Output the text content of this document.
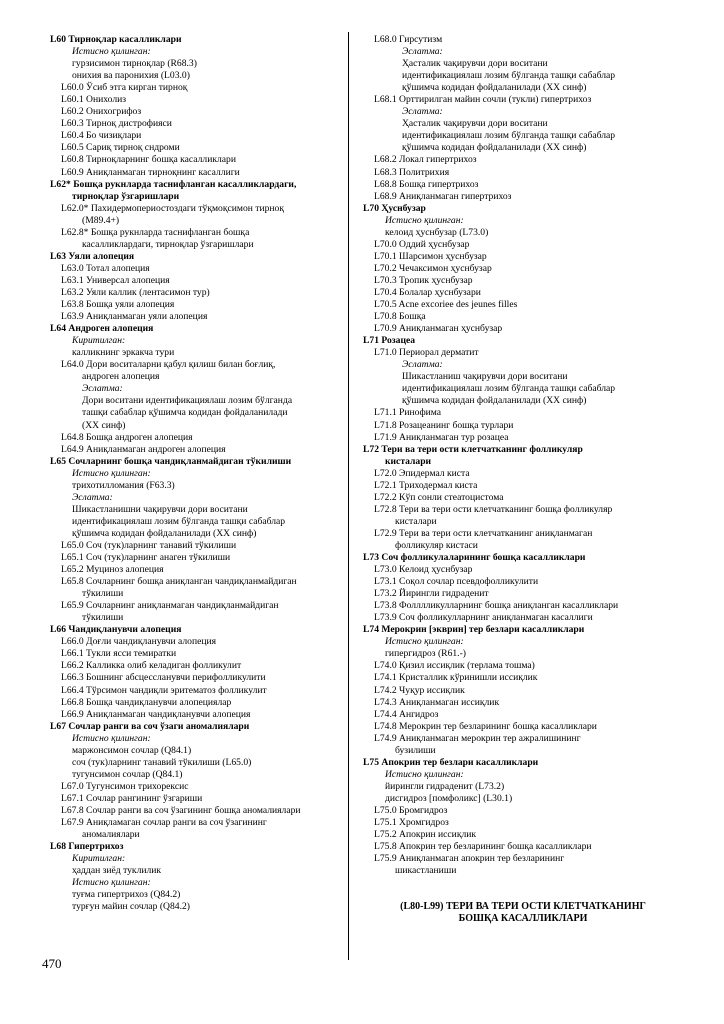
L60 Тирноқлар касалликлари
Истисно қилинган:
гурзисимон тирноқлар (R68.3)
онихия ва паронихия (L03.0)
L60.0 Ўсиб этга кирган тирноқ
L60.1 Онихолиз
L60.2 Онихогрифоз
L60.3 Тирноқ дистрофияси
L60.4 Бо чизиқлари
L60.5 Сариқ тирноқ сндроми
L60.8 Тирноқларнинг бошқа касалликлари
L60.9 Аниқланмаган тирноқнинг касаллиги
L62* Бошқа рукнларда таснифланган касалликлардаги,
тирноқлар ўзгаришлари
L62.0* Пахидермопериостоздаги тўқмоқсимон тирноқ
(M89.4+)
L62.8* Бошқа рукнларда таснифланган бошқа
касалликлардаги, тирноқлар ўзгаришлари
L63 Уяли алопеция
L63.0 Тотал алопеция
L63.1 Универсал алопеция
L63.2 Уяли каллик (лентасимон тур)
L63.8 Бошқа уяли алопеция
L63.9 Аниқланмаган уяли алопеция
L64 Андроген алопеция
Киритилган:
калликнинг эркакча тури
L64.0 Дори воситаларни қабул қилиш билан боғлиқ,
андроген алопеция
Эслатма:
Дори воситани идентификациялаш лозим бўлганда
ташқи сабаблар қўшимча кодидан фойдаланилади
(XX синф)
L64.8 Бошқа андроген алопеция
L64.9 Аниқланмаган андроген алопеция
L65 Сочларнинг бошқа чандиқланмайдиган тўкилиши
Истисно қилинган:
трихотилломания (F63.3)
Эслатма:
Шикастланишни чақирувчи дори воситани
идентификациялаш лозим бўлганда ташқи сабаблар
қўшимча кодидан фойдаланилади (XX синф)
L65.0 Соч (тук)ларнинг танавий тўкилиши
L65.1 Соч (тук)ларнинг анаген тўкилиши
L65.2 Муциноз алопеция
L65.8 Сочларнинг бошқа аниқланган чандиқланмайдиган
тўкилиши
L65.9 Сочларнинг аниқланмаган чандиқланмайдиган
тўкилиши
L66 Чандиқланувчи алопеция
L66.0 Доғли чандиқланувчи алопеция
L66.1 Тукли ясси темиратки
L66.2 Калликка олиб келадиган фолликулит
L66.3 Бошнинг абсцессланувчи перифолликулити
L66.4 Тўрсимон чандиқли эритематоз фолликулит
L66.8 Бошқа чандиқланувчи алопециялар
L66.9 Аниқланмаган чандиқланувчи алопеция
L67 Сочлар ранги ва соч ўзаги аномалиялари
Истисно қилинган:
маржонсимон сочлар (Q84.1)
соч (тук)ларнинг танавий тўкилиши (L65.0)
тугунсимон сочлар (Q84.1)
L67.0 Тугунсимон трихорексис
L67.1 Сочлар рангининг ўзгариши
L67.8 Сочлар ранги ва соч ўзагининг бошқа аномалиялари
L67.9 Аниқламаган сочлар ранги ва соч ўзагининг
аномалиялари
L68 Гипертрихоз
Киритилган:
ҳаддан зиёд туклилик
Истисно қилинган:
туғма гипертрихоз (Q84.2)
турғун майин сочлар (Q84.2)
L68.0 Гирсутизм
Эслатма:
Ҳасталик чақирувчи дори воситани
идентификациялаш лозим бўлганда ташқи сабаблар
қўшимча кодидан фойдаланилади (XX синф)
L68.1 Орттирилган майин сочли (тукли) гипертрихоз
Эслатма:
Ҳасталик чақирувчи дори воситани
идентификациялаш лозим бўлганда ташқи сабаблар
қўшимча кодидан фойдаланилади (XX синф)
L68.2 Локал гипертрихоз
L68.3 Политрихия
L68.8 Бошқа гипертрихоз
L68.9 Аниқланмаган гипертрихоз
L70 Ҳуснбузар
Истисно қилинган:
келоид ҳуснбузар (L73.0)
L70.0 Оддий ҳуснбузар
L70.1 Шарсимон ҳуснбузар
L70.2 Чечаксимон ҳуснбузар
L70.3 Тропик ҳуснбузар
L70.4 Болалар ҳуснбузари
L70.5 Acne excoriee des jeunes filles
L70.8 Бошқа
L70.9 Аниқланмаган ҳуснбузар
L71 Розацеа
L71.0 Периорал дерматит
Эслатма:
Шикастланиш чақирувчи дори воситани
идентификациялаш лозим бўлганда ташқи сабаблар
қўшимча кодидан фойдаланилади (XX синф)
L71.1 Ринофима
L71.8 Розацеанинг бошқа турлари
L71.9 Аниқланмаган тур розацеа
L72 Тери ва тери ости клетчатканинг фолликуляр
кисталари
L72.0 Эпидермал киста
L72.1 Триходермал киста
L72.2 Кўп сонли стеатоцистома
L72.8 Тери ва тери ости клетчатканинг бошқа фолликуляр
кисталари
L72.9 Тери ва тери ости клетчатканинг аниқланмаган
фолликуляр кистаси
L73 Соч фолликулаларининг бошқа касалликлари
L73.0 Келоид ҳуснбузар
L73.1 Соқол сочлар псевдофолликулити
L73.2 Йирингли гидраденит
L73.8 Фолллликулларнинг бошқа аниқланган касалликлари
L73.9 Соч фолликулларнинг аниқланмаган касаллиги
L74 Мерокрин [экврин] тер безлари касалликлари
Истисно қилинган:
гипергидроз (R61.-)
L74.0 Қизил иссиқлик (терлама тошма)
L74.1 Кристаллик кўринишли иссиқлик
L74.2 Чуқур иссиқлик
L74.3 Аниқланмаган иссиқлик
L74.4 Ангидроз
L74.8 Мерокрин тер безларининг бошқа касалликлари
L74.9 Аниқланмаган мерокрин тер ажралишининг
бузилиши
L75 Апокрин тер безлари касалликлари
Истисно қилинган:
йирингли гидраденит (L73.2)
дисгидроз [помфоликс] (L30.1)
L75.0 Бромгидроз
L75.1 Хромгидроз
L75.2 Апокрин иссиқлик
L75.8 Апокрин тер безларининг бошқа касалликлари
L75.9 Аниқланмаган апокрин тер безларининг
шикастланиши
(L80-L99) ТЕРИ ВА ТЕРИ ОСТИ КЛЕТЧАТКАНИНГ
БОШҚА КАСАЛЛИКЛАРИ
470
